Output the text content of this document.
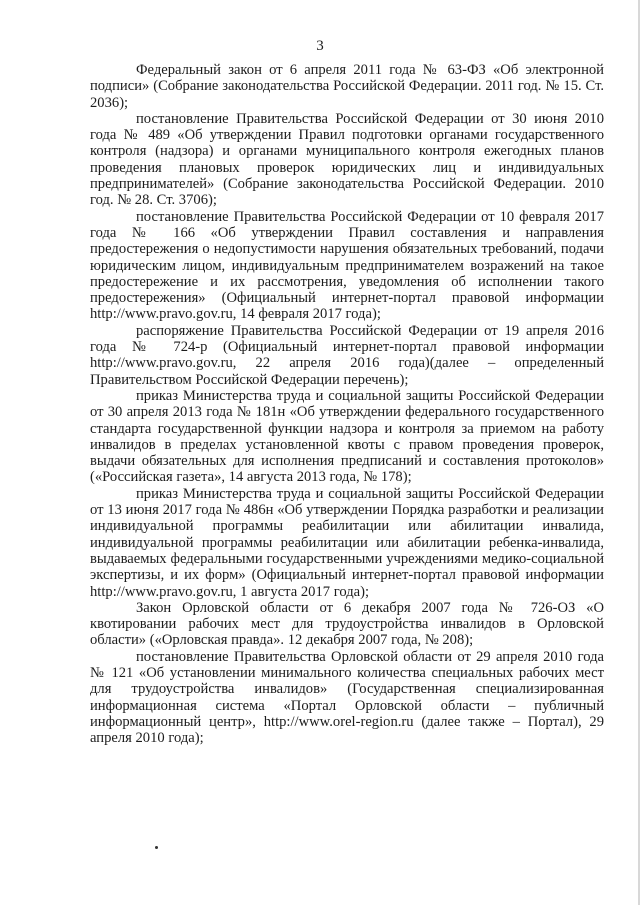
3

Федеральный закон от 6 апреля 2011 года № 63-ФЗ «Об электронной подписи» (Собрание законодательства Российской Федерации. 2011 год. № 15. Ст. 2036);

постановление Правительства Российской Федерации от 30 июня 2010 года № 489 «Об утверждении Правил подготовки органами государственного контроля (надзора) и органами муниципального контроля ежегодных планов проведения плановых проверок юридических лиц и индивидуальных предпринимателей» (Собрание законодательства Российской Федерации. 2010 год. № 28. Ст. 3706);

постановление Правительства Российской Федерации от 10 февраля 2017 года № 166 «Об утверждении Правил составления и направления предостережения о недопустимости нарушения обязательных требований, подачи юридическим лицом, индивидуальным предпринимателем возражений на такое предостережение и их рассмотрения, уведомления об исполнении такого предостережения» (Официальный интернет-портал правовой информации http://www.pravo.gov.ru, 14 февраля 2017 года);

распоряжение Правительства Российской Федерации от 19 апреля 2016 года № 724-р (Официальный интернет-портал правовой информации http://www.pravo.gov.ru, 22 апреля 2016 года)(далее – определенный Правительством Российской Федерации перечень);

приказ Министерства труда и социальной защиты Российской Федерации от 30 апреля 2013 года № 181н «Об утверждении федерального государственного стандарта государственной функции надзора и контроля за приемом на работу инвалидов в пределах установленной квоты с правом проведения проверок, выдачи обязательных для исполнения предписаний и составления протоколов» («Российская газета», 14 августа 2013 года, № 178);

приказ Министерства труда и социальной защиты Российской Федерации от 13 июня 2017 года № 486н «Об утверждении Порядка разработки и реализации индивидуальной программы реабилитации или абилитации инвалида, индивидуальной программы реабилитации или абилитации ребенка-инвалида, выдаваемых федеральными государственными учреждениями медико-социальной экспертизы, и их форм» (Официальный интернет-портал правовой информации http://www.pravo.gov.ru, 1 августа 2017 года);

Закон Орловской области от 6 декабря 2007 года № 726-ОЗ «О квотировании рабочих мест для трудоустройства инвалидов в Орловской области» («Орловская правда». 12 декабря 2007 года, № 208);

постановление Правительства Орловской области от 29 апреля 2010 года № 121 «Об установлении минимального количества специальных рабочих мест для трудоустройства инвалидов» (Государственная специализированная информационная система «Портал Орловской области – публичный информационный центр», http://www.orel-region.ru (далее также – Портал), 29 апреля 2010 года);
